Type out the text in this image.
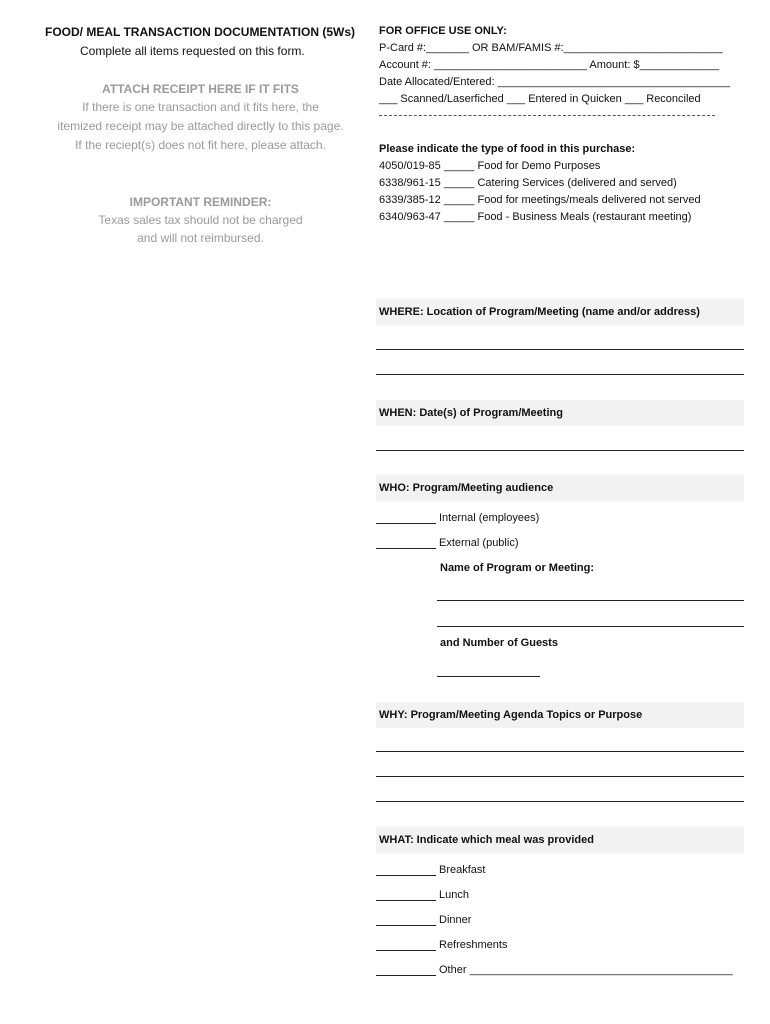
FOOD/ MEAL TRANSACTION DOCUMENTATION (5Ws)
Complete all items requested on this form.
ATTACH RECEIPT HERE IF IT FITS
If there is one transaction and it fits here, the
itemized receipt may be attached directly to this page.
If the reciept(s) does not fit here, please attach.
IMPORTANT REMINDER:
Texas sales tax should not be charged
and will not reimbursed.
FOR OFFICE USE ONLY:
P-Card #:_______ OR BAM/FAMIS #:__________________________
Account #: _________________________ Amount: $_____________
Date Allocated/Entered: ______________________________________
___ Scanned/Laserfiched ___ Entered in Quicken ___ Reconciled
Please indicate the type of food in this purchase:
4050/019-85 _____ Food for Demo Purposes
6338/961-15 _____ Catering Services (delivered and served)
6339/385-12 _____ Food for meetings/meals delivered not served
6340/963-47 _____ Food - Business Meals (restaurant meeting)
WHERE: Location of Program/Meeting (name and/or address)
WHEN: Date(s) of Program/Meeting
WHO: Program/Meeting audience
Internal (employees)
External (public)
Name of Program or Meeting:
and Number of Guests
WHY: Program/Meeting Agenda Topics or Purpose
WHAT: Indicate which meal was provided
Breakfast
Lunch
Dinner
Refreshments
Other ___________________________________________
